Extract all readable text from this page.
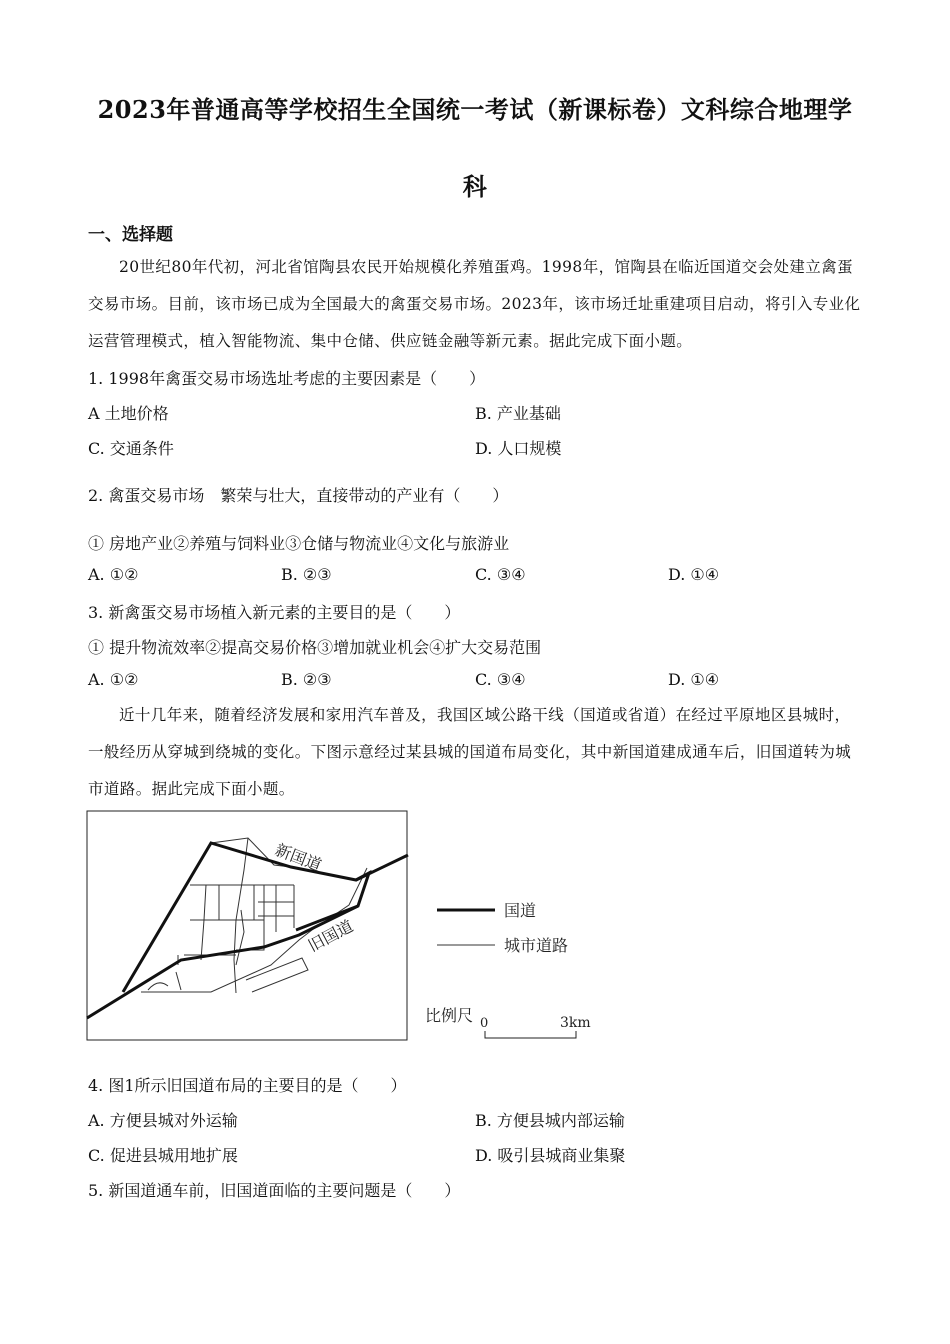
2023年普通高等学校招生全国统一考试（新课标卷）文科综合地理学
科
一、选择题
20世纪80年代初，河北省馆陶县农民开始规模化养殖蛋鸡。1998年，馆陶县在临近国道交会处建立禽蛋交易市场。目前，该市场已成为全国最大的禽蛋交易市场。2023年，该市场迁址重建项目启动，将引入专业化运营管理模式，植入智能物流、集中仓储、供应链金融等新元素。据此完成下面小题。
1. 1998年禽蛋交易市场选址考虑的主要因素是（　　）
A 土地价格	B. 产业基础
C. 交通条件	D. 人口规模
2. 禽蛋交易市场　繁荣与壮大，直接带动的产业有（　　）
① 房地产业②养殖与饲料业③仓储与物流业④文化与旅游业
A. ①②	B. ②③	C. ③④	D. ①④
3. 新禽蛋交易市场植入新元素的主要目的是（　　）
① 提升物流效率②提高交易价格③增加就业机会④扩大交易范围
A. ①②	B. ②③	C. ③④	D. ①④
近十几年来，随着经济发展和家用汽车普及，我国区域公路干线（国道或省道）在经过平原地区县城时，一般经历从穿城到绕城的变化。下图示意经过某县城的国道布局变化，其中新国道建成通车后，旧国道转为城市道路。据此完成下面小题。
新国道
旧国道
国道
城市道路
比例尺 0	3km
4. 图1所示旧国道布局的主要目的是（　　）
A. 方便县城对外运输	B. 方便县城内部运输
C. 促进县城用地扩展	D. 吸引县城商业集聚
5. 新国道通车前，旧国道面临的主要问题是（　　）
